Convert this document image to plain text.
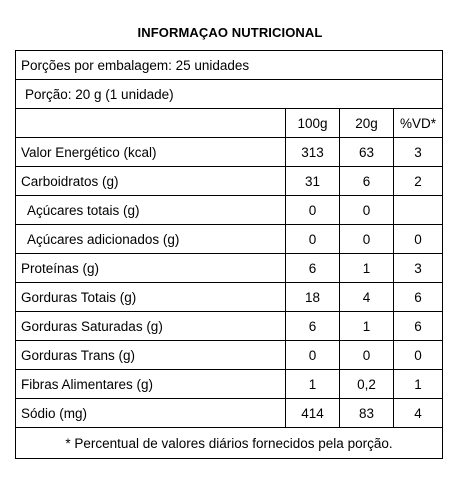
INFORMAÇAO NUTRICIONAL
Porções por embalagem: 25 unidades			
Porção: 20 g (1 unidade)			
	100g	20g	%VD*
Valor Energético (kcal)	313	63	3
Carboidratos (g)	31	6	2
Açúcares totais (g)	0	0	
Açúcares adicionados (g)	0	0	0
Proteínas (g)	6	1	3
Gorduras Totais (g)	18	4	6
Gorduras Saturadas (g)	6	1	6
Gorduras Trans (g)	0	0	0
Fibras Alimentares (g)	1	0,2	1
Sódio (mg)	414	83	4
* Percentual de valores diários fornecidos pela porção.			
